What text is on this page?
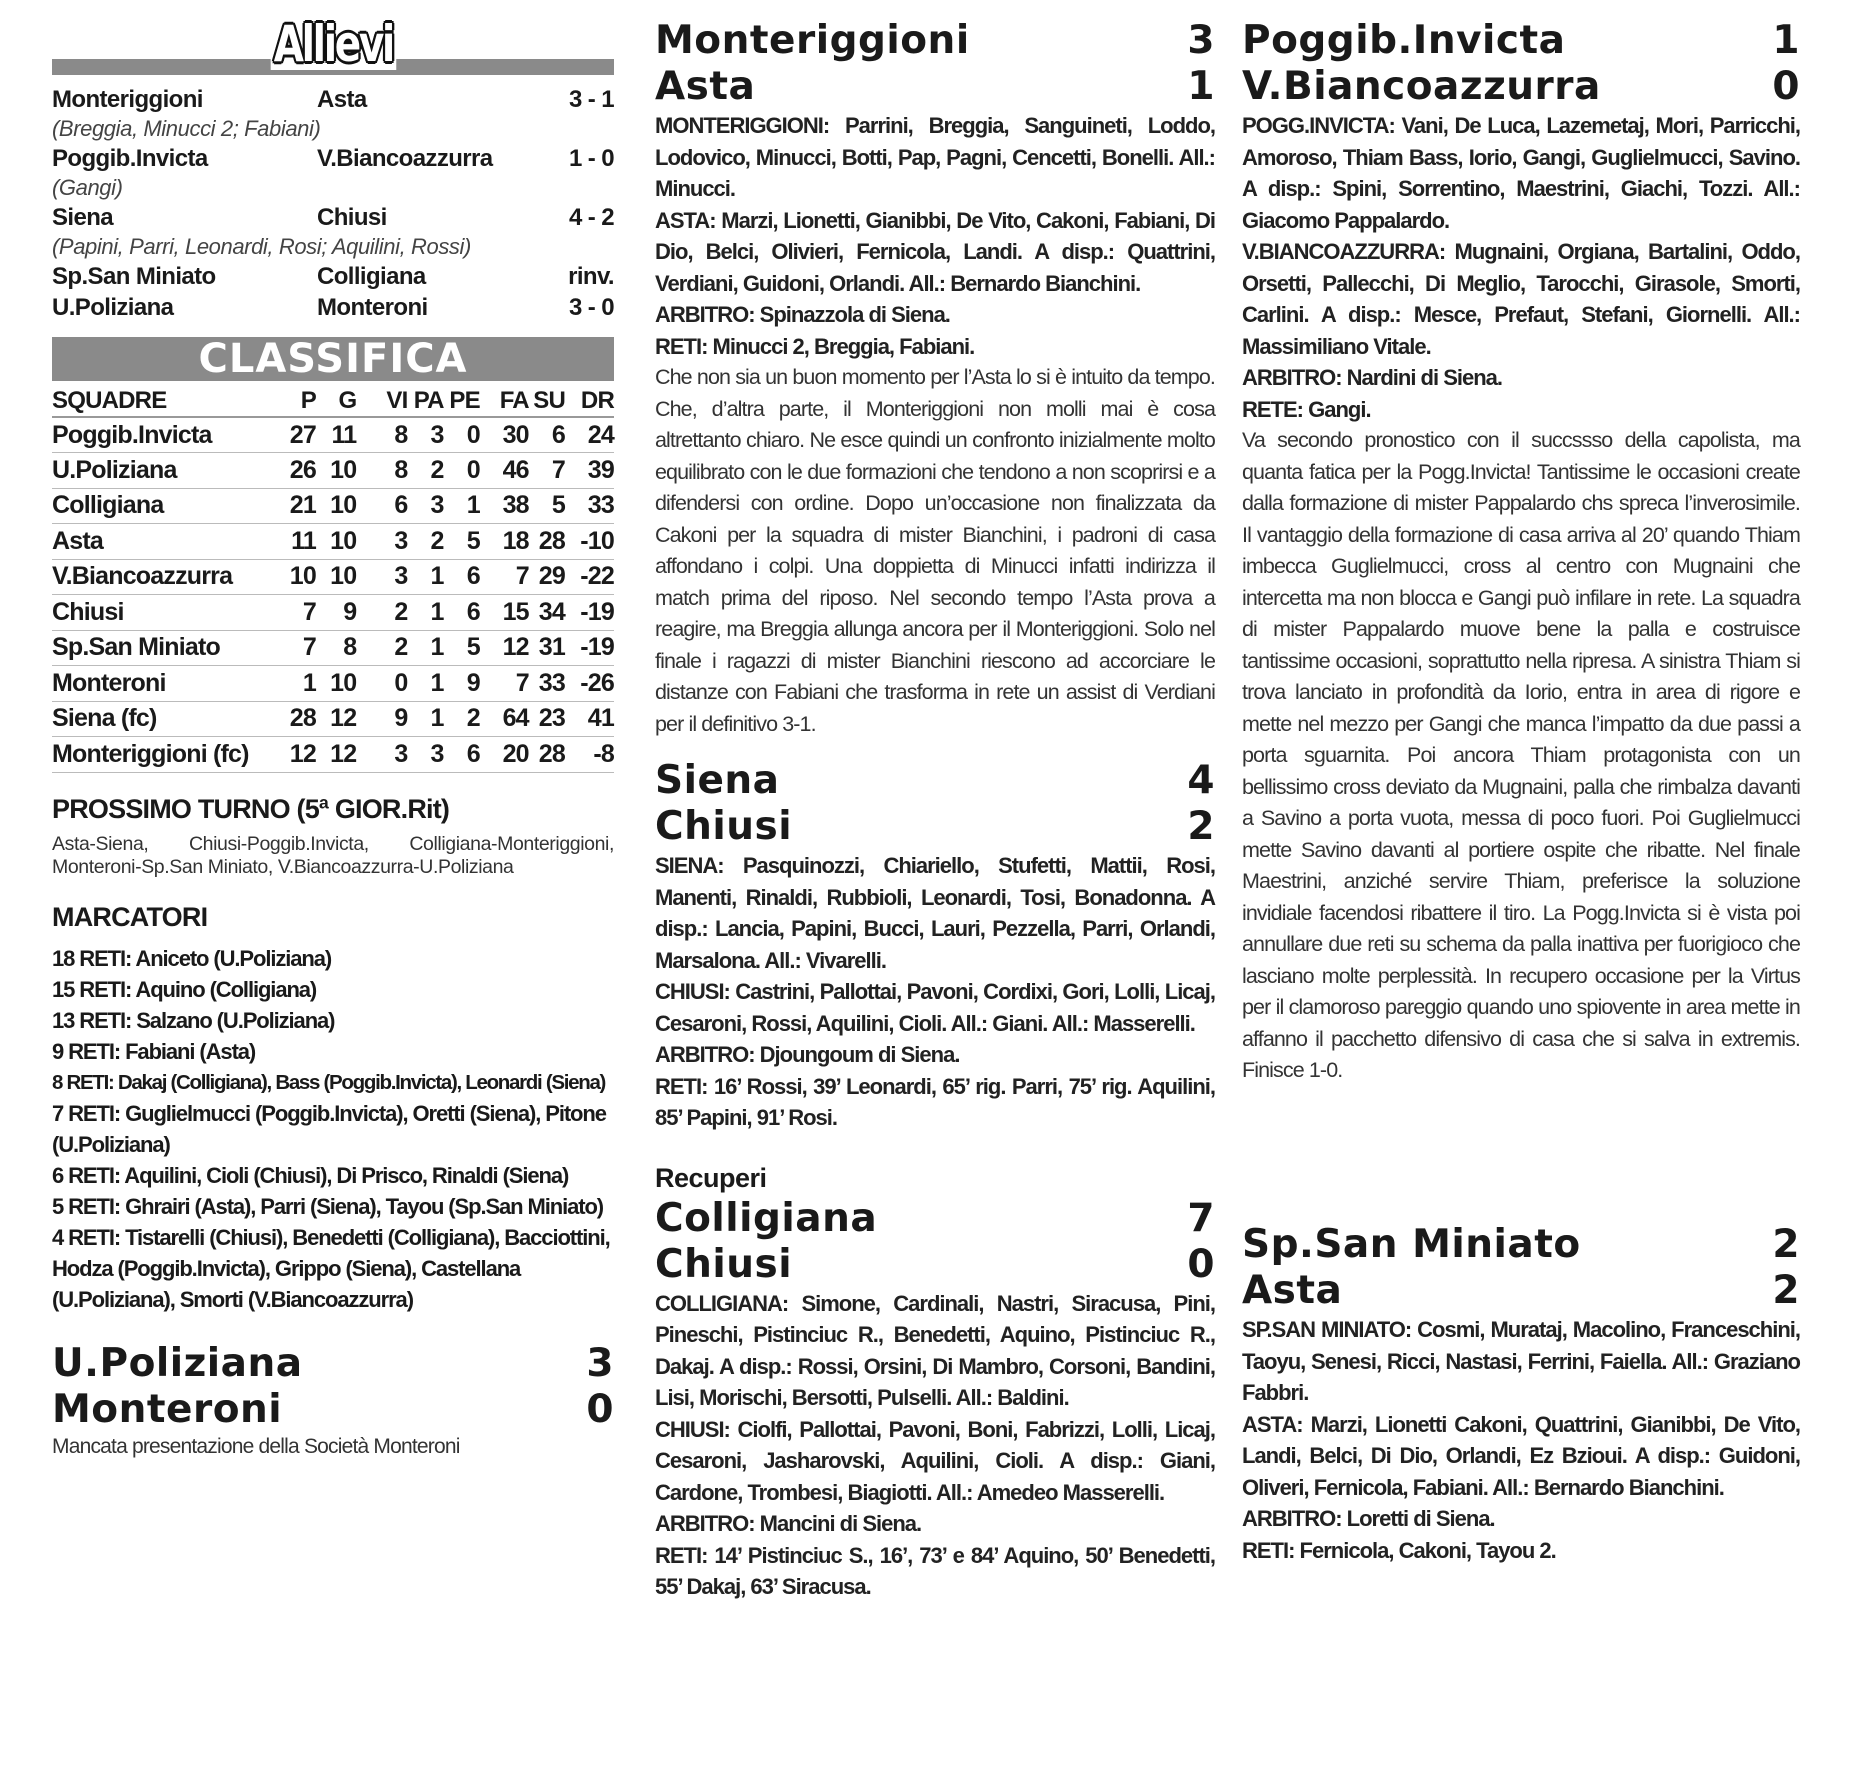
Allievi
Monteriggioni	Asta	3 - 1
(Breggia, Minucci 2; Fabiani)
Poggib.Invicta	V.Biancoazzurra	1 - 0
(Gangi)
Siena	Chiusi	4 - 2
(Papini, Parri, Leonardi, Rosi; Aquilini, Rossi)
Sp.San Miniato	Colligiana	rinv.
U.Poliziana	Monteroni	3 - 0
CLASSIFICA
SQUADRE	P	G	VI	PA	PE	FA	SU	DR
Poggib.Invicta	27	11	8	3	0	30	6	24
U.Poliziana	26	10	8	2	0	46	7	39
Colligiana	21	10	6	3	1	38	5	33
Asta	11	10	3	2	5	18	28	-10
V.Biancoazzurra	10	10	3	1	6	7	29	-22
Chiusi	7	9	2	1	6	15	34	-19
Sp.San Miniato	7	8	2	1	5	12	31	-19
Monteroni	1	10	0	1	9	7	33	-26
Siena (fc)	28	12	9	1	2	64	23	41
Monteriggioni (fc)	12	12	3	3	6	20	28	-8
PROSSIMO TURNO (5ª GIOR.Rit)
Asta-Siena, Chiusi-Poggib.Invicta, Colligiana-Monteriggioni, Monteroni-Sp.San Miniato, V.Biancoazzurra-U.Poliziana
MARCATORI
18 RETI: Aniceto (U.Poliziana)
15 RETI: Aquino (Colligiana)
13 RETI: Salzano (U.Poliziana)
9 RETI: Fabiani (Asta)
8 RETI: Dakaj (Colligiana), Bass (Poggib.Invicta), Leonardi (Siena)
7 RETI: Guglielmucci (Poggib.Invicta), Oretti (Siena), Pitone (U.Poliziana)
6 RETI: Aquilini, Cioli (Chiusi), Di Prisco, Rinaldi (Siena)
5 RETI: Ghrairi (Asta), Parri (Siena), Tayou (Sp.San Miniato)
4 RETI: Tistarelli (Chiusi), Benedetti (Colligiana), Bacciottini, Hodza (Poggib.Invicta), Grippo (Siena), Castellana (U.Poliziana), Smorti (V.Biancoazzurra)
U.Poliziana	3
Monteroni	0
Mancata presentazione della Società Monteroni
Monteriggioni	3
Asta	1
MONTERIGGIONI: Parrini, Breggia, Sanguineti, Loddo, Lodovico, Minucci, Botti, Pap, Pagni, Cencetti, Bonelli. All.: Minucci.
ASTA: Marzi, Lionetti, Gianibbi, De Vito, Cakoni, Fabiani, Di Dio, Belci, Olivieri, Fernicola, Landi. A disp.: Quattrini, Verdiani, Guidoni, Orlandi. All.: Bernardo Bianchini.
ARBITRO: Spinazzola di Siena.
RETI: Minucci 2, Breggia, Fabiani.
Che non sia un buon momento per l’Asta lo si è intuito da tempo. Che, d’altra parte, il Monteriggioni non molli mai è cosa altrettanto chiaro. Ne esce quindi un confronto inizialmente molto equilibrato con le due formazioni che tendono a non scoprirsi e a difendersi con ordine. Dopo un’occasione non finalizzata da Cakoni per la squadra di mister Bianchini, i padroni di casa affondano i colpi. Una doppietta di Minucci infatti indirizza il match prima del riposo. Nel secondo tempo l’Asta prova a reagire, ma Breggia allunga ancora per il Monteriggioni. Solo nel finale i ragazzi di mister Bianchini riescono ad accorciare le distanze con Fabiani che trasforma in rete un assist di Verdiani per il definitivo 3-1.
Siena	4
Chiusi	2
SIENA: Pasquinozzi, Chiariello, Stufetti, Mattii, Rosi, Manenti, Rinaldi, Rubbioli, Leonardi, Tosi, Bonadonna. A disp.: Lancia, Papini, Bucci, Lauri, Pezzella, Parri, Orlandi, Marsalona. All.: Vivarelli.
CHIUSI: Castrini, Pallottai, Pavoni, Cordixi, Gori, Lolli, Licaj, Cesaroni, Rossi, Aquilini, Cioli. All.: Giani. All.: Masserelli.
ARBITRO: Djoungoum di Siena.
RETI: 16’ Rossi, 39’ Leonardi, 65’ rig. Parri, 75’ rig. Aquilini, 85’ Papini, 91’ Rosi.
Recuperi
Colligiana	7
Chiusi	0
COLLIGIANA: Simone, Cardinali, Nastri, Siracusa, Pini, Pineschi, Pistinciuc R., Benedetti, Aquino, Pistinciuc R., Dakaj. A disp.: Rossi, Orsini, Di Mambro, Corsoni, Bandini, Lisi, Morischi, Bersotti, Pulselli. All.: Baldini.
CHIUSI: Ciolfi, Pallottai, Pavoni, Boni, Fabrizzi, Lolli, Licaj, Cesaroni, Jasharovski, Aquilini, Cioli. A disp.: Giani, Cardone, Trombesi, Biagiotti. All.: Amedeo Masserelli.
ARBITRO: Mancini di Siena.
RETI: 14’ Pistinciuc S., 16’, 73’ e 84’ Aquino, 50’ Benedetti, 55’ Dakaj, 63’ Siracusa.
Poggib.Invicta	1
V.Biancoazzurra	0
POGG.INVICTA: Vani, De Luca, Lazemetaj, Mori, Parricchi, Amoroso, Thiam Bass, Iorio, Gangi, Guglielmucci, Savino. A disp.: Spini, Sorrentino, Maestrini, Giachi, Tozzi. All.: Giacomo Pappalardo.
V.BIANCOAZZURRA: Mugnaini, Orgiana, Bartalini, Oddo, Orsetti, Pallecchi, Di Meglio, Tarocchi, Girasole, Smorti, Carlini. A disp.: Mesce, Prefaut, Stefani, Giornelli. All.: Massimiliano Vitale.
ARBITRO: Nardini di Siena.
RETE: Gangi.
Va secondo pronostico con il succssso della capolista, ma quanta fatica per la Pogg.Invicta! Tantissime le occasioni create dalla formazione di mister Pappalardo chs spreca l’inverosimile. Il vantaggio della formazione di casa arriva al 20’ quando Thiam imbecca Guglielmucci, cross al centro con Mugnaini che intercetta ma non blocca e Gangi può infilare in rete. La squadra di mister Pappalardo muove bene la palla e costruisce tantissime occasioni, soprattutto nella ripresa. A sinistra Thiam si trova lanciato in profondità da Iorio, entra in area di rigore e mette nel mezzo per Gangi che manca l’impatto da due passi a porta sguarnita. Poi ancora Thiam protagonista con un bellissimo cross deviato da Mugnaini, palla che rimbalza davanti a Savino a porta vuota, messa di poco fuori. Poi Guglielmucci mette Savino davanti al portiere ospite che ribatte. Nel finale Maestrini, anziché servire Thiam, preferisce la soluzione invidiale facendosi ribattere il tiro. La Pogg.Invicta si è vista poi annullare due reti su schema da palla inattiva per fuorigioco che lasciano molte perplessità. In recupero occasione per la Virtus per il clamoroso pareggio quando uno spiovente in area mette in affanno il pacchetto difensivo di casa che si salva in extremis. Finisce 1-0.
Sp.San Miniato	2
Asta	2
SP.SAN MINIATO: Cosmi, Murataj, Macolino, Franceschini, Taoyu, Senesi, Ricci, Nastasi, Ferrini, Faiella. All.: Graziano Fabbri.
ASTA: Marzi, Lionetti Cakoni, Quattrini, Gianibbi, De Vito, Landi, Belci, Di Dio, Orlandi, Ez Bzioui. A disp.: Guidoni, Oliveri, Fernicola, Fabiani. All.: Bernardo Bianchini.
ARBITRO: Loretti di Siena.
RETI: Fernicola, Cakoni, Tayou 2.
